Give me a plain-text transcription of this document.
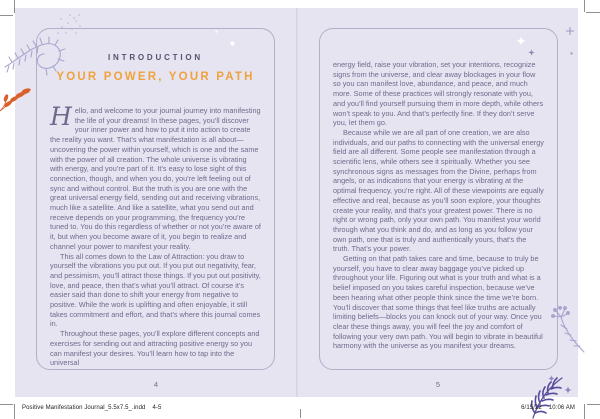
INTRODUCTION
YOUR POWER, YOUR PATH

Hello, and welcome to your journal journey into manifesting the life of your dreams! In these pages, you’ll discover your inner power and how to put it into action to create the reality you want. That’s what manifestation is all about—uncovering the power within yourself, which is one and the same with the power of all creation. The whole universe is vibrating with energy, and you’re part of it. It’s easy to lose sight of this connection, though, and when you do, you’re left feeling out of sync and without control. But the truth is you are one with the great universal energy field, sending out and receiving vibrations, much like a satellite. And like a satellite, what you send out and receive depends on your programming, the frequency you’re tuned to. You do this regardless of whether or not you’re aware of it, but when you become aware of it, you begin to realize and channel your power to manifest your reality.

This all comes down to the Law of Attraction: you draw to yourself the vibrations you put out. If you put out negativity, fear, and pessimism, you’ll attract those things. If you put out positivity, love, and peace, then that’s what you’ll attract. Of course it’s easier said than done to shift your energy from negative to positive. While the work is uplifting and often enjoyable, it still takes commitment and effort, and that’s where this journal comes in.

Throughout these pages, you’ll explore different concepts and exercises for sending out and attracting positive energy so you can manifest your desires. You’ll learn how to tap into the universal

4

energy field, raise your vibration, set your intentions, recognize signs from the universe, and clear away blockages in your flow so you can manifest love, abundance, and peace, and much more. Some of these practices will strongly resonate with you, and you’ll find yourself pursuing them in more depth, while others won’t speak to you. And that’s perfectly fine. If they don’t serve you, let them go.

Because while we are all part of one creation, we are also individuals, and our paths to connecting with the universal energy field are all different. Some people see manifestation through a scientific lens, while others see it spiritually. Whether you see synchronous signs as messages from the Divine, perhaps from angels, or as indications that your energy is vibrating at the optimal frequency, you’re right. All of these viewpoints are equally effective and real, because as you’ll soon explore, your thoughts create your reality, and that’s your greatest power. There is no right or wrong path, only your own path. You manifest your world through what you think and do, and as long as you follow your own path, one that is truly and authentically yours, that’s the truth. That’s your power.

Getting on that path takes care and time, because to truly be yourself, you have to clear away baggage you’ve picked up throughout your life. Figuring out what is your truth and what is a belief imposed on you takes careful inspection, because we’ve been hearing what other people think since the time we’re born. You’ll discover that some things that feel like truths are actually limiting beliefs—blocks you can knock out of your way. Once you clear these things away, you will feel the joy and comfort of following your very own path. You will begin to vibrate in beautiful harmony with the universe as you manifest your dreams.

5
Positive Manifestation Journal_5.5x7.5_.indd 4-5	6/15/22 10:06 AM
